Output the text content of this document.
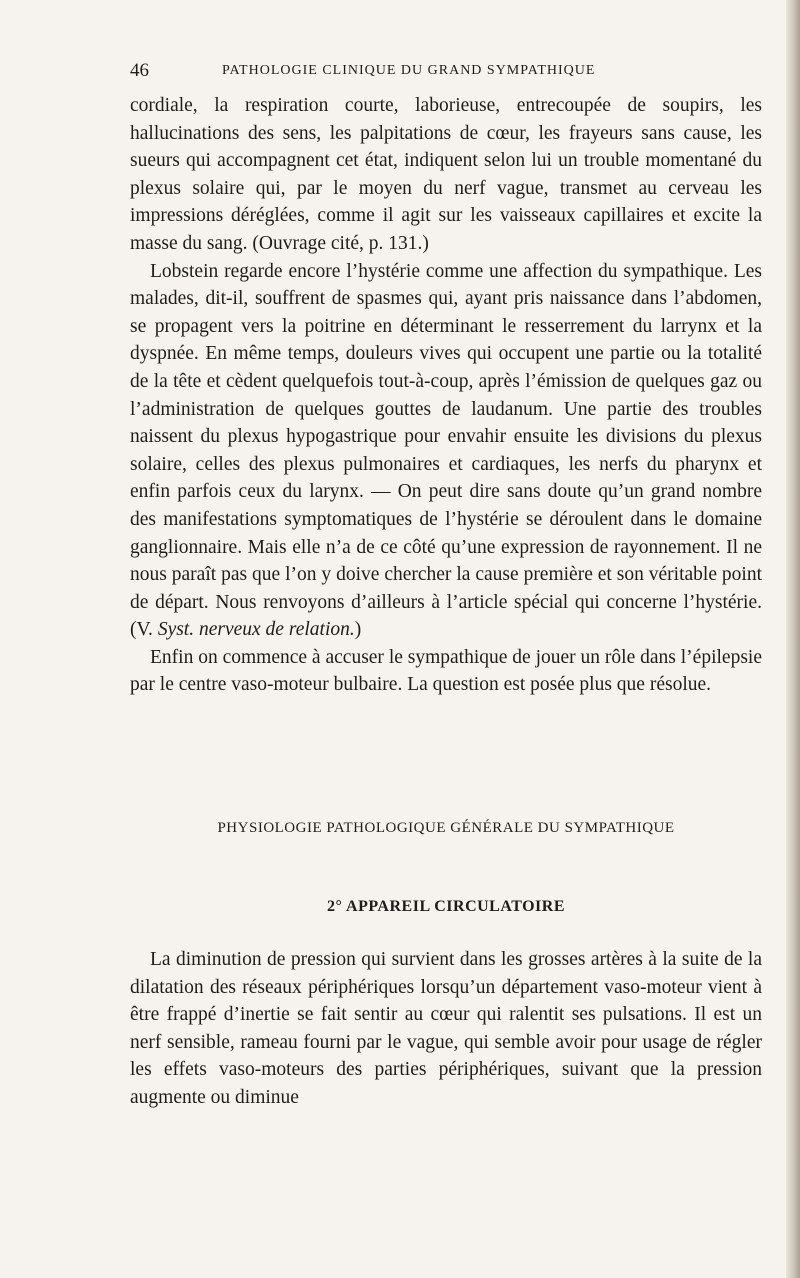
46	PATHOLOGIE CLINIQUE DU GRAND SYMPATHIQUE

cordiale, la respiration courte, laborieuse, entrecoupée de soupirs, les hallucinations des sens, les palpitations de cœur, les frayeurs sans cause, les sueurs qui accompagnent cet état, indiquent selon lui un trouble momentané du plexus solaire qui, par le moyen du nerf vague, transmet au cerveau les impressions déréglées, comme il agit sur les vaisseaux capillaires et excite la masse du sang. (Ouvrage cité, p. 131.)

Lobstein regarde encore l’hystérie comme une affection du sympathique. Les malades, dit-il, souffrent de spasmes qui, ayant pris naissance dans l’abdomen, se propagent vers la poitrine en déterminant le resserrement du larrynx et la dyspnée. En même temps, douleurs vives qui occupent une partie ou la totalité de la tête et cèdent quelquefois tout-à-coup, après l’émission de quelques gaz ou l’administration de quelques gouttes de laudanum. Une partie des troubles naissent du plexus hypogastrique pour envahir ensuite les divisions du plexus solaire, celles des plexus pulmonaires et cardiaques, les nerfs du pharynx et enfin parfois ceux du larynx. — On peut dire sans doute qu’un grand nombre des manifestations symptomatiques de l’hystérie se déroulent dans le domaine ganglionnaire. Mais elle n’a de ce côté qu’une expression de rayonnement. Il ne nous paraît pas que l’on y doive chercher la cause première et son véritable point de départ. Nous renvoyons d’ailleurs à l’article spécial qui concerne l’hystérie. (V. Syst. nerveux de relation.)

Enfin on commence à accuser le sympathique de jouer un rôle dans l’épilepsie par le centre vaso-moteur bulbaire. La question est posée plus que résolue.

PHYSIOLOGIE PATHOLOGIQUE GÉNÉRALE DU SYMPATHIQUE
2° APPAREIL CIRCULATOIRE

La diminution de pression qui survient dans les grosses artères à la suite de la dilatation des réseaux périphériques lorsqu’un département vaso-moteur vient à être frappé d’inertie se fait sentir au cœur qui ralentit ses pulsations. Il est un nerf sensible, rameau fourni par le vague, qui semble avoir pour usage de régler les effets vaso-moteurs des parties périphériques, suivant que la pression augmente ou diminue
